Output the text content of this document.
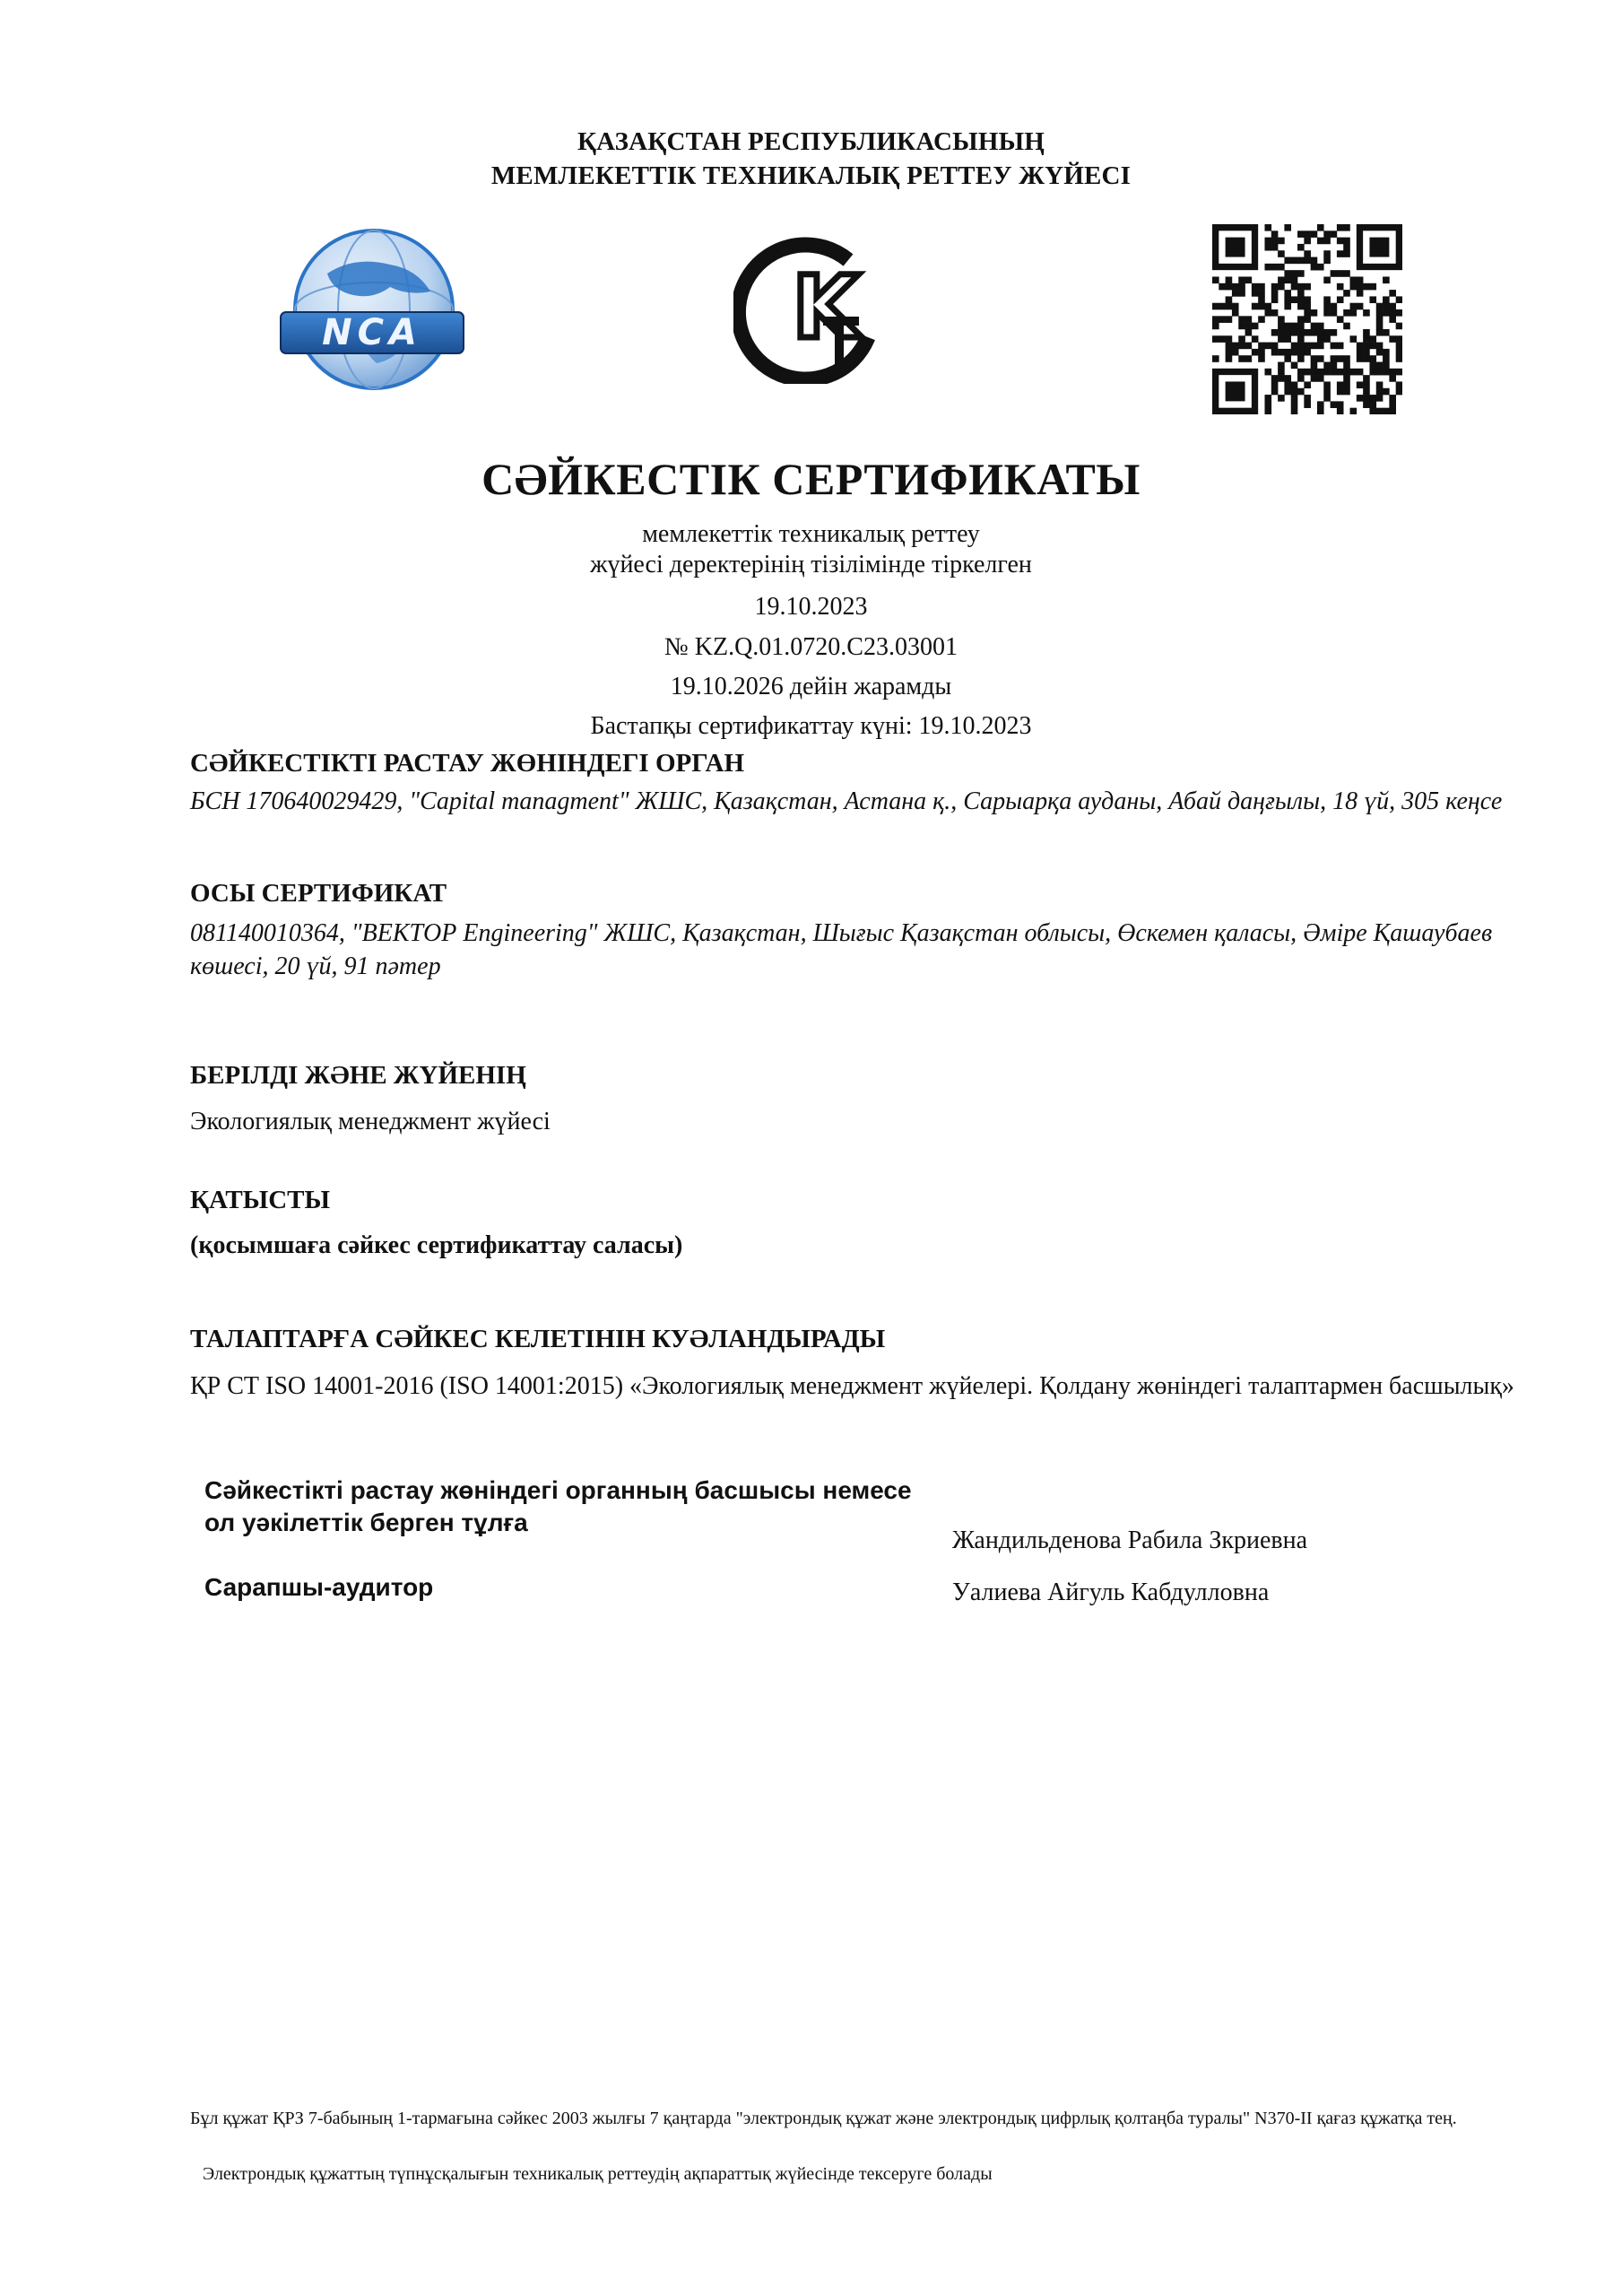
ҚАЗАҚСТАН РЕСПУБЛИКАСЫНЫҢ
МЕМЛЕКЕТТІК ТЕХНИКАЛЫҚ РЕТТЕУ ЖҮЙЕСІ
NCA	K
СӘЙКЕСТІК СЕРТИФИКАТЫ
мемлекеттік техникалық реттеу
жүйесі деректерінің тізілімінде тіркелген
19.10.2023
№ KZ.Q.01.0720.C23.03001
19.10.2026 дейін жарамды
Бастапқы сертификаттау күні: 19.10.2023
СӘЙКЕСТІКТІ РАСТАУ ЖӨНІНДЕГІ ОРГАН
БСН 170640029429, "Capital managment" ЖШС, Қазақстан, Астана қ., Сарыарқа ауданы, Абай даңғылы, 18 үй, 305 кеңсе
ОСЫ СЕРТИФИКАТ
081140010364, "ВЕКТОР Engineering" ЖШС, Қазақстан, Шығыс Қазақстан облысы, Өскемен қаласы, Әміре Қашаубаев көшесі, 20 үй, 91 пәтер
БЕРІЛДІ ЖӘНЕ ЖҮЙЕНІҢ
Экологиялық менеджмент жүйесі
ҚАТЫСТЫ
(қосымшаға сәйкес сертификаттау саласы)
ТАЛАПТАРҒА СӘЙКЕС КЕЛЕТІНІН КУӘЛАНДЫРАДЫ
ҚР СТ ISO 14001-2016 (ISO 14001:2015) «Экологиялық менеджмент жүйелері. Қолдану жөніндегі талаптармен басшылық»
Сәйкестікті растау жөніндегі органның басшысы немесе
ол уәкілеттік берген тұлға
Жандильденова Рабила Зкриевна
Сарапшы-аудитор	Уалиева Айгуль Кабдулловна
Бұл құжат ҚРЗ 7-бабының 1-тармағына сәйкес 2003 жылғы 7 қаңтарда "электрондық құжат және электрондық цифрлық қолтаңба туралы" N370-II қағаз құжатқа тең.
Электрондық құжаттың түпнұсқалығын техникалық реттеудің ақпараттық жүйесінде тексеруге болады
